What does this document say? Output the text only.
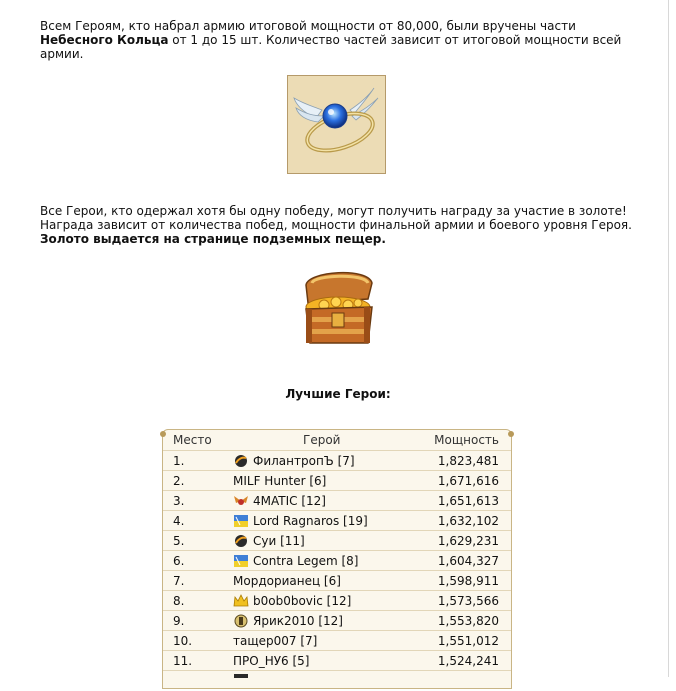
Всем Героям, кто набрал армию итоговой мощности от 80,000, были вручены части Небесного Кольца от 1 до 15 шт. Количество частей зависит от итоговой мощности всей армии.
Все Герои, кто одержал хотя бы одну победу, могут получить награду за участие в золоте! Награда зависит от количества побед, мощности финальной армии и боевого уровня Героя. Золото выдается на странице подземных пещер.
Лучшие Герои:
Место	Герой	Мощность
1.	ФилантропЪ [7]	1,823,481
2.	MILF Hunter [6]	1,671,616
3.	4MATIC [12]	1,651,613
4.	Lord Ragnaros [19]	1,632,102
5.	Суи [11]	1,629,231
6.	Contra Legem [8]	1,604,327
7.	Мордорианец [6]	1,598,911
8.	b0ob0bovic [12]	1,573,566
9.	Ярик2010 [12]	1,553,820
10.	тащер007 [7]	1,551,012
11.	ПРО_НУ6 [5]	1,524,241
